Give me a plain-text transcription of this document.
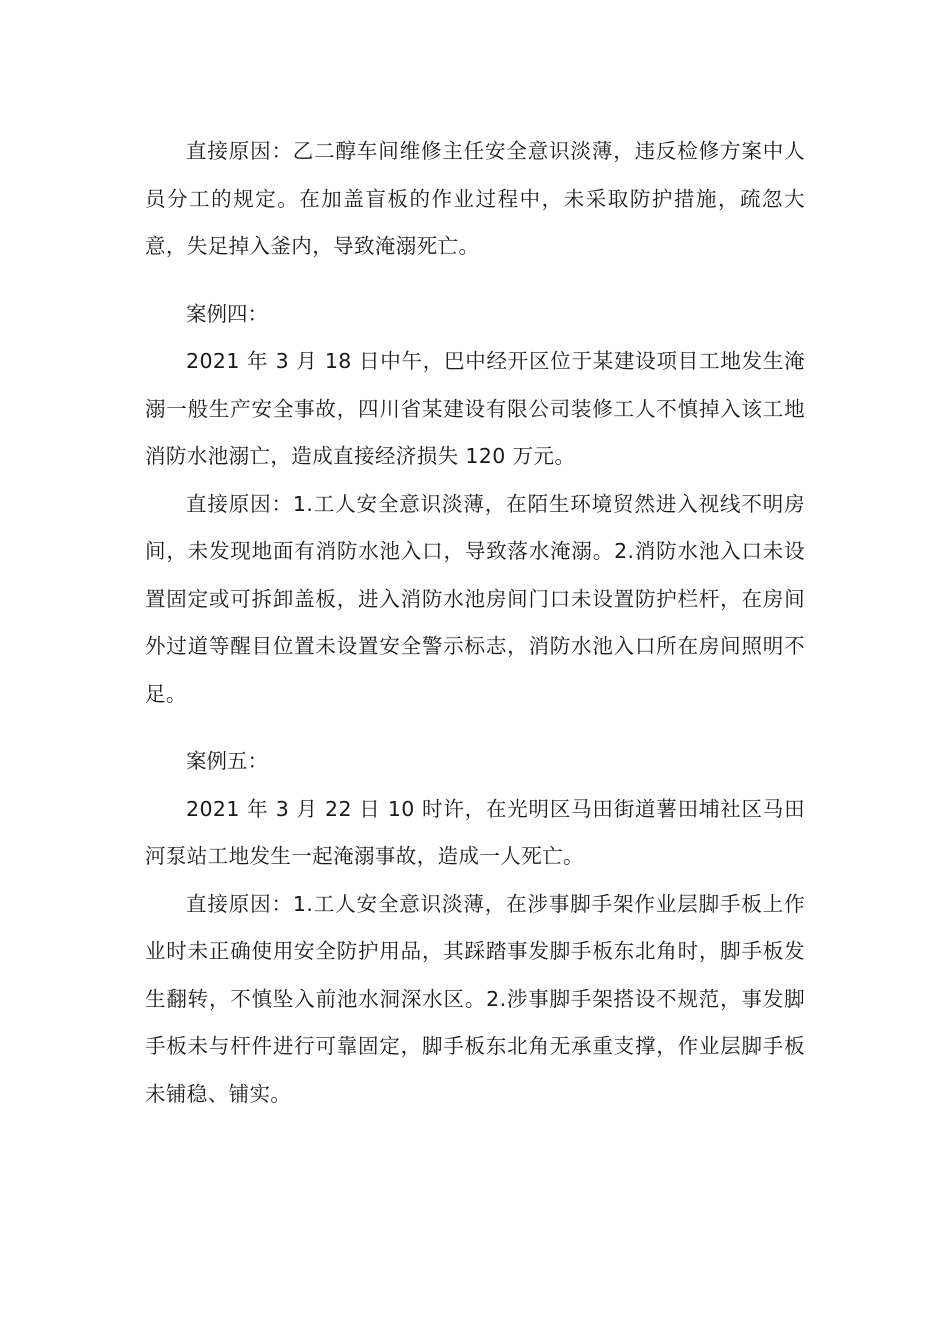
直接原因：乙二醇车间维修主任安全意识淡薄，违反检修方案中人员分工的规定。在加盖盲板的作业过程中，未采取防护措施，疏忽大意，失足掉入釜内，导致淹溺死亡。

案例四：

2021 年 3 月 18 日中午，巴中经开区位于某建设项目工地发生淹溺一般生产安全事故，四川省某建设有限公司装修工人不慎掉入该工地消防水池溺亡，造成直接经济损失 120 万元。

直接原因：1.工人安全意识淡薄，在陌生环境贸然进入视线不明房间，未发现地面有消防水池入口，导致落水淹溺。2.消防水池入口未设置固定或可拆卸盖板，进入消防水池房间门口未设置防护栏杆，在房间外过道等醒目位置未设置安全警示标志，消防水池入口所在房间照明不足。

案例五：

2021 年 3 月 22 日 10 时许，在光明区马田街道薯田埔社区马田河泵站工地发生一起淹溺事故，造成一人死亡。

直接原因：1.工人安全意识淡薄，在涉事脚手架作业层脚手板上作业时未正确使用安全防护用品，其踩踏事发脚手板东北角时，脚手板发生翻转，不慎坠入前池水洞深水区。2.涉事脚手架搭设不规范，事发脚手板未与杆件进行可靠固定，脚手板东北角无承重支撑，作业层脚手板未铺稳、铺实。
